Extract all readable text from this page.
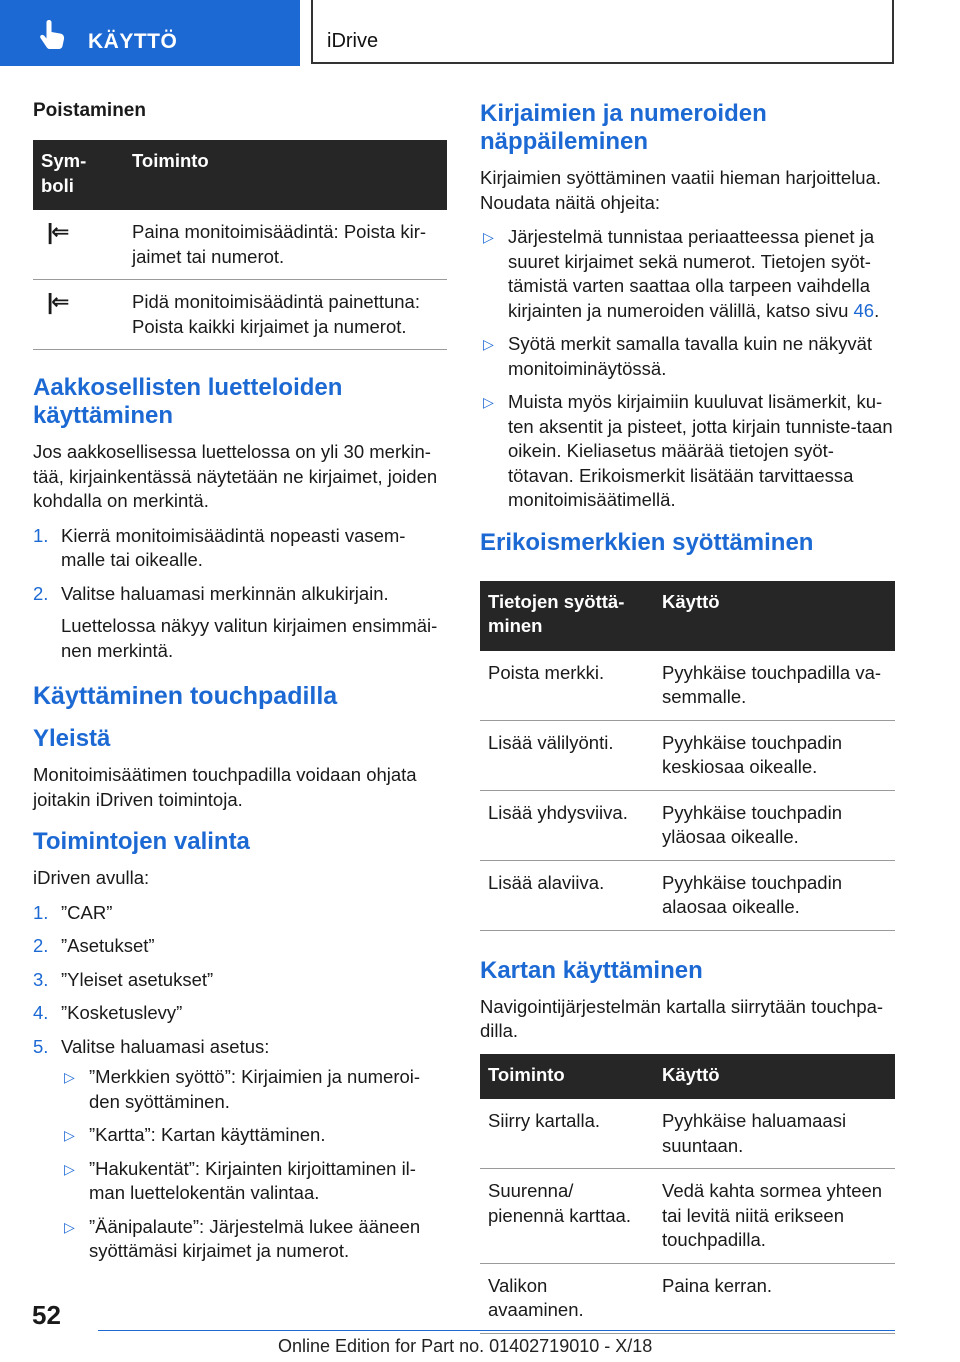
KÄYTTÖ	iDrive
Poistaminen
Sym-
boli	Toiminto
|⇐	Paina monitoimisäädintä: Poista kir-
jaimet tai numerot.
|⇐	Pidä monitoimisäädintä painettuna:
Poista kaikki kirjaimet ja numerot.
Aakkosellisten luetteloiden käyttäminen
Jos aakkosellisessa luettelossa on yli 30 merkin-tää, kirjainkentässä näytetään ne kirjaimet, joiden kohdalla on merkintä.
1. Kierrä monitoimisäädintä nopeasti vasem-malle tai oikealle.
2. Valitse haluamasi merkinnän alkukirjain.
Luettelossa näkyy valitun kirjaimen ensimmäi-nen merkintä.
Käyttäminen touchpadilla
Yleistä
Monitoimisäätimen touchpadilla voidaan ohjata joitakin iDriven toimintoja.
Toimintojen valinta
iDriven avulla:
1. ”CAR”
2. ”Asetukset”
3. ”Yleiset asetukset”
4. ”Kosketuslevy”
5. Valitse haluamasi asetus:
▷ ”Merkkien syöttö”: Kirjaimien ja numeroi-den syöttäminen.
▷ ”Kartta”: Kartan käyttäminen.
▷ ”Hakukentät”: Kirjainten kirjoittaminen il-man luettelokentän valintaa.
▷ ”Äänipalaute”: Järjestelmä lukee ääneen syöttämäsi kirjaimet ja numerot.
Kirjaimien ja numeroiden näppäileminen
Kirjaimien syöttäminen vaatii hieman harjoittelua. Noudata näitä ohjeita:
▷ Järjestelmä tunnistaa periaatteessa pienet ja suuret kirjaimet sekä numerot. Tietojen syöt-tämistä varten saattaa olla tarpeen vaihdella kirjainten ja numeroiden välillä, katso sivu 46.
▷ Syötä merkit samalla tavalla kuin ne näkyvät monitoiminäytössä.
▷ Muista myös kirjaimiin kuuluvat lisämerkit, ku-ten aksentit ja pisteet, jotta kirjain tunniste-taan oikein. Kieliasetus määrää tietojen syöt-tötavan. Erikoismerkit lisätään tarvittaessa monitoimisäätimellä.
Erikoismerkkien syöttäminen
Tietojen syöttä-
minen	Käyttö
Poista merkki.	Pyyhkäise touchpadilla va-
semmalle.
Lisää välilyönti.	Pyyhkäise touchpadin
keskiosaa oikealle.
Lisää yhdysviiva.	Pyyhkäise touchpadin
yläosaa oikealle.
Lisää alaviiva.	Pyyhkäise touchpadin
alaosaa oikealle.
Kartan käyttäminen
Navigointijärjestelmän kartalla siirrytään touchpa-dilla.
Toiminto	Käyttö
Siirry kartalla.	Pyyhkäise haluamaasi
suuntaan.
Suurenna/
pienennä karttaa.	Vedä kahta sormea yhteen
tai levitä niitä erikseen
touchpadilla.
Valikon avaaminen.	Paina kerran.
52
Online Edition for Part no. 01402719010 - X/18
